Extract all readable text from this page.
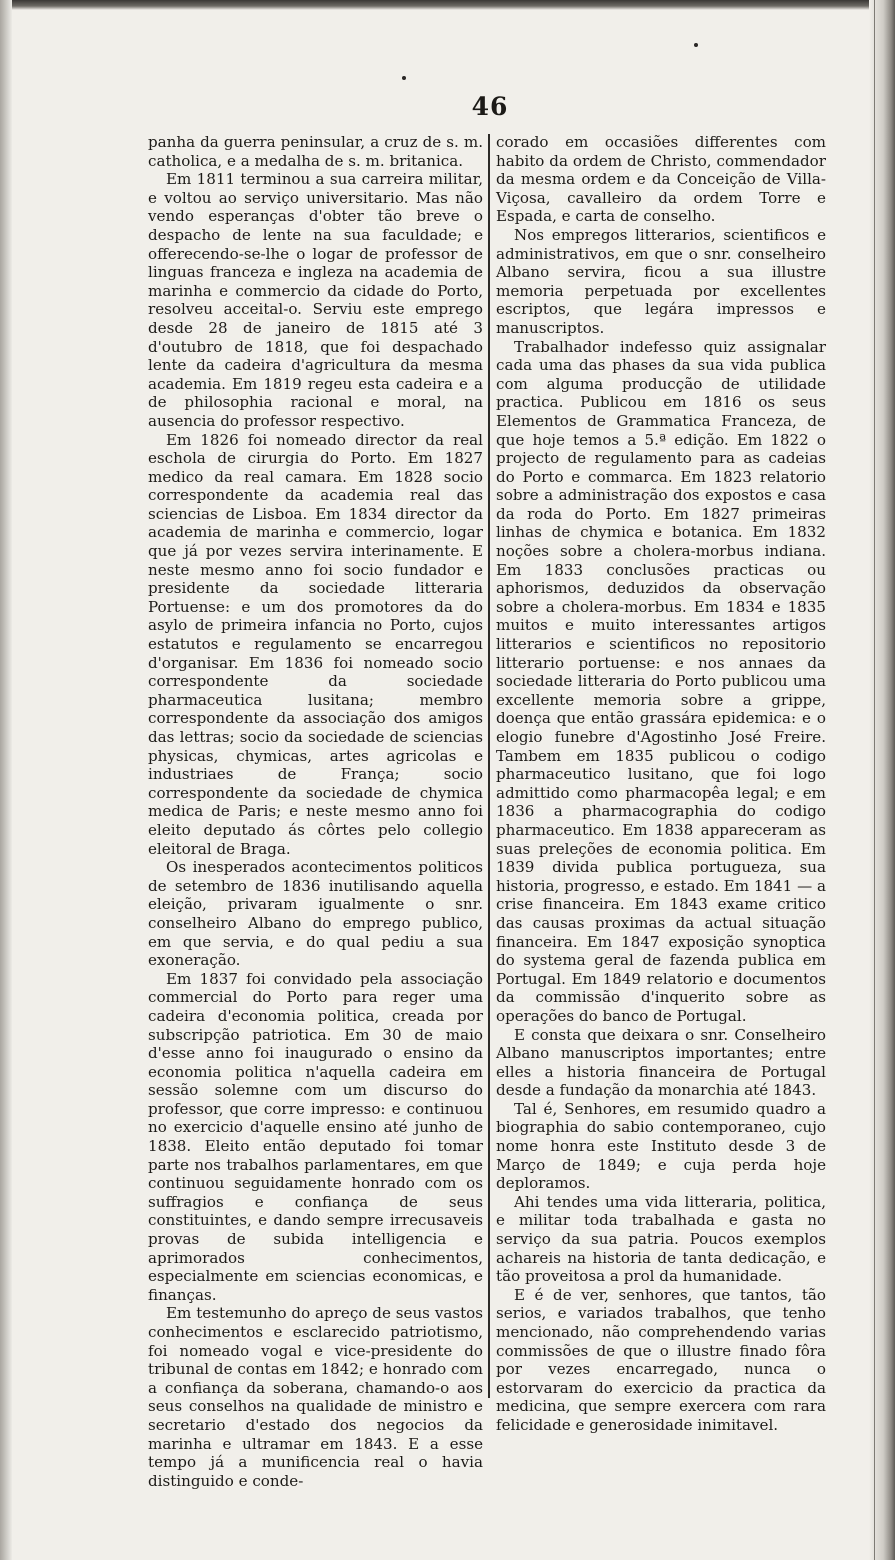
46

panha da guerra peninsular, a cruz de s. m. catholica, e a medalha de s. m. britanica.

Em 1811 terminou a sua carreira militar, e voltou ao serviço universitario. Mas não vendo esperanças d'obter tão breve o despacho de lente na sua faculdade; e offerecendo-se-lhe o logar de professor de linguas franceza e ingleza na academia de marinha e commercio da cidade do Porto, resolveu acceital-o. Serviu este emprego desde 28 de janeiro de 1815 até 3 d'outubro de 1818, que foi despachado lente da cadeira d'agricultura da mesma academia. Em 1819 regeu esta cadeira e a de philosophia racional e moral, na ausencia do professor respectivo.

Em 1826 foi nomeado director da real eschola de cirurgia do Porto. Em 1827 medico da real camara. Em 1828 socio correspondente da academia real das sciencias de Lisboa. Em 1834 director da academia de marinha e commercio, logar que já por vezes servira interinamente. E neste mesmo anno foi socio fundador e presidente da sociedade litteraria Portuense: e um dos promotores da do asylo de primeira infancia no Porto, cujos estatutos e regulamento se encarregou d'organisar. Em 1836 foi nomeado socio correspondente da sociedade pharmaceutica lusitana; membro correspondente da associação dos amigos das lettras; socio da sociedade de sciencias physicas, chymicas, artes agricolas e industriaes de França; socio correspondente da sociedade de chymica medica de Paris; e neste mesmo anno foi eleito deputado ás côrtes pelo collegio eleitoral de Braga.

Os inesperados acontecimentos politicos de setembro de 1836 inutilisando aquella eleição, privaram igualmente o snr. conselheiro Albano do emprego publico, em que servia, e do qual pediu a sua exoneração.

Em 1837 foi convidado pela associação commercial do Porto para reger uma cadeira d'economia politica, creada por subscripção patriotica. Em 30 de maio d'esse anno foi inaugurado o ensino da economia politica n'aquella cadeira em sessão solemne com um discurso do professor, que corre impresso: e continuou no exercicio d'aquelle ensino até junho de 1838. Eleito então deputado foi tomar parte nos trabalhos parlamentares, em que continuou seguidamente honrado com os suffragios e confiança de seus constituintes, e dando sempre irrecusaveis provas de subida intelligencia e aprimorados conhecimentos, especialmente em sciencias economicas, e finanças.

Em testemunho do apreço de seus vastos conhecimentos e esclarecido patriotismo, foi nomeado vogal e vice-presidente do tribunal de contas em 1842; e honrado com a confiança da soberana, chamando-o aos seus conselhos na qualidade de ministro e secretario d'estado dos negocios da marinha e ultramar em 1843. E a esse tempo já a munificencia real o havia distinguido e conde-

corado em occasiões differentes com habito da ordem de Christo, commendador da mesma ordem e da Conceição de Villa-Viçosa, cavalleiro da ordem Torre e Espada, e carta de conselho.

Nos empregos litterarios, scientificos e administrativos, em que o snr. conselheiro Albano servira, ficou a sua illustre memoria perpetuada por excellentes escriptos, que legára impressos e manuscriptos.

Trabalhador indefesso quiz assignalar cada uma das phases da sua vida publica com alguma producção de utilidade practica. Publicou em 1816 os seus Elementos de Grammatica Franceza, de que hoje temos a 5.ª edição. Em 1822 o projecto de regulamento para as cadeias do Porto e commarca. Em 1823 relatorio sobre a administração dos expostos e casa da roda do Porto. Em 1827 primeiras linhas de chymica e botanica. Em 1832 noções sobre a cholera-morbus indiana. Em 1833 conclusões practicas ou aphorismos, deduzidos da observação sobre a cholera-morbus. Em 1834 e 1835 muitos e muito interessantes artigos litterarios e scientificos no repositorio litterario portuense: e nos annaes da sociedade litteraria do Porto publicou uma excellente memoria sobre a grippe, doença que então grassára epidemica: e o elogio funebre d'Agostinho José Freire. Tambem em 1835 publicou o codigo pharmaceutico lusitano, que foi logo admittido como pharmacopêa legal; e em 1836 a pharmacographia do codigo pharmaceutico. Em 1838 appareceram as suas preleções de economia politica. Em 1839 divida publica portugueza, sua historia, progresso, e estado. Em 1841 — a crise financeira. Em 1843 exame critico das causas proximas da actual situação financeira. Em 1847 exposição synoptica do systema geral de fazenda publica em Portugal. Em 1849 relatorio e documentos da commissão d'inquerito sobre as operações do banco de Portugal.

E consta que deixara o snr. Conselheiro Albano manuscriptos importantes; entre elles a historia financeira de Portugal desde a fundação da monarchia até 1843.

Tal é, Senhores, em resumido quadro a biographia do sabio contemporaneo, cujo nome honra este Instituto desde 3 de Março de 1849; e cuja perda hoje deploramos.

Ahi tendes uma vida litteraria, politica, e militar toda trabalhada e gasta no serviço da sua patria. Poucos exemplos achareis na historia de tanta dedicação, e tão proveitosa a prol da humanidade.

E é de ver, senhores, que tantos, tão serios, e variados trabalhos, que tenho mencionado, não comprehendendo varias commissões de que o illustre finado fôra por vezes encarregado, nunca o estorvaram do exercicio da practica da medicina, que sempre exercera com rara felicidade e generosidade inimitavel.
